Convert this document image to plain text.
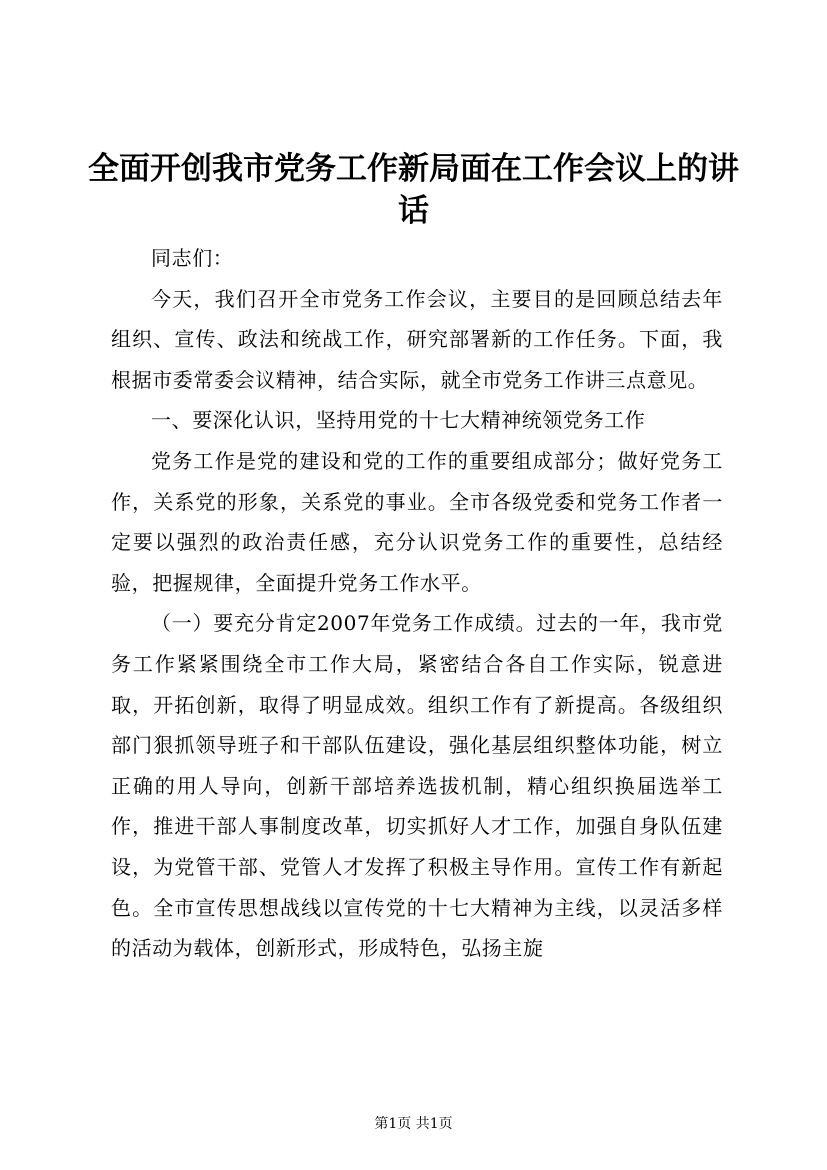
全面开创我市党务工作新局面在工作会议上的讲话

同志们：

今天，我们召开全市党务工作会议，主要目的是回顾总结去年组织、宣传、政法和统战工作，研究部署新的工作任务。下面，我根据市委常委会议精神，结合实际，就全市党务工作讲三点意见。

一、要深化认识，坚持用党的十七大精神统领党务工作

党务工作是党的建设和党的工作的重要组成部分；做好党务工作，关系党的形象，关系党的事业。全市各级党委和党务工作者一定要以强烈的政治责任感，充分认识党务工作的重要性，总结经验，把握规律，全面提升党务工作水平。

（一）要充分肯定2007年党务工作成绩。过去的一年，我市党务工作紧紧围绕全市工作大局，紧密结合各自工作实际，锐意进取，开拓创新，取得了明显成效。组织工作有了新提高。各级组织部门狠抓领导班子和干部队伍建设，强化基层组织整体功能，树立正确的用人导向，创新干部培养选拔机制，精心组织换届选举工作，推进干部人事制度改革，切实抓好人才工作，加强自身队伍建设，为党管干部、党管人才发挥了积极主导作用。宣传工作有新起色。全市宣传思想战线以宣传党的十七大精神为主线，以灵活多样的活动为载体，创新形式，形成特色，弘扬主旋

第1页 共1页
